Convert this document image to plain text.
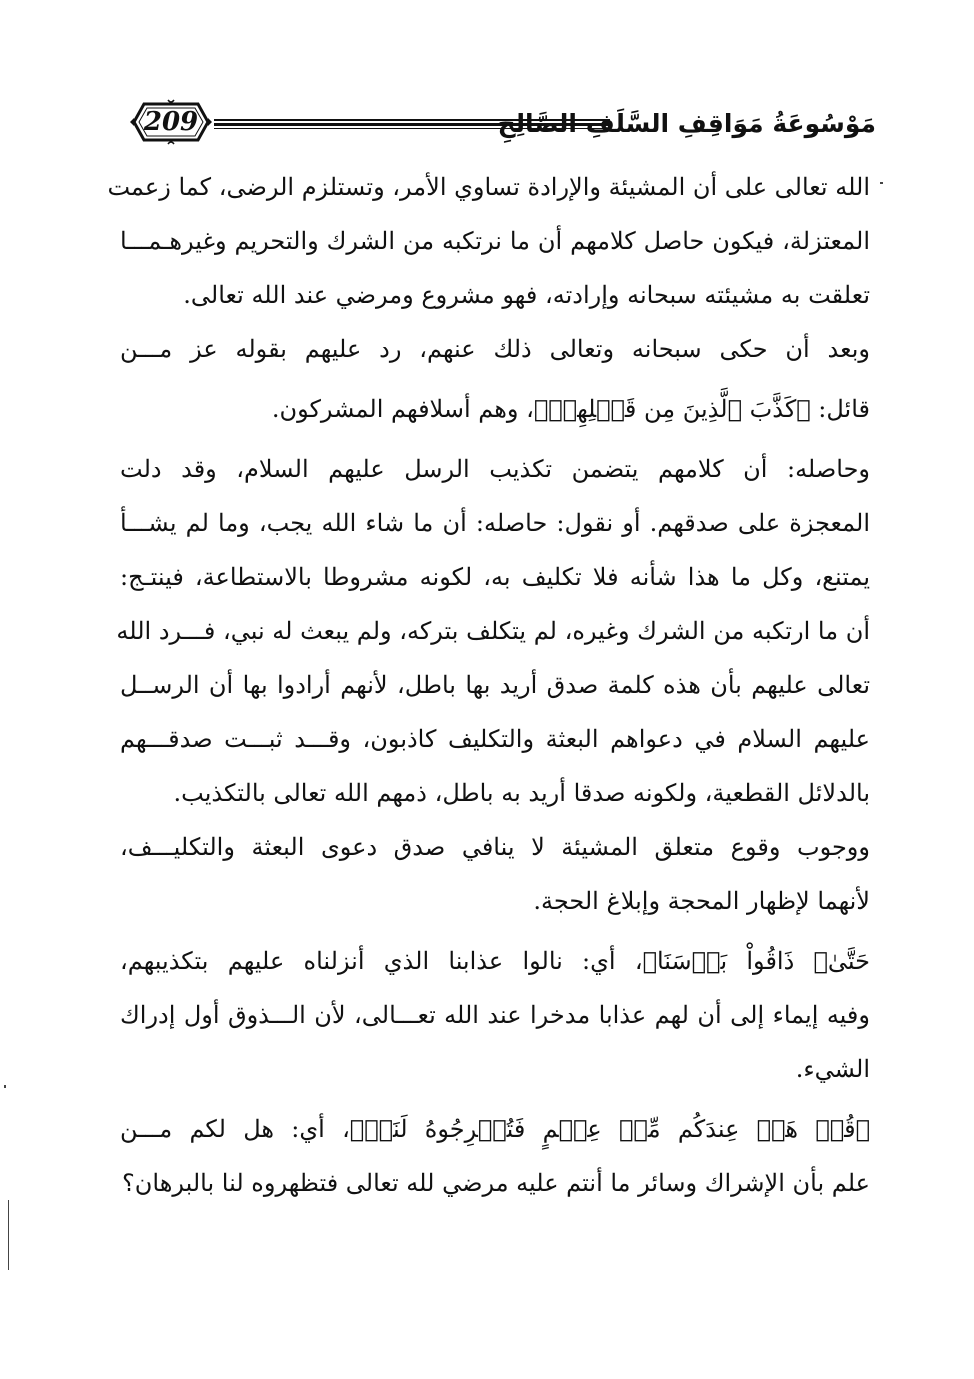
209	مَوْسُوعَةُ مَوَاقِفِ السَّلَفِ الصَّالِحِ
الله تعالى على أن المشيئة والإرادة تساوي الأمر، وتستلزم الرضى، كما زعمت
المعتزلة، فيكون حاصل كلامهم أن ما نرتكبه من الشرك والتحريم وغيرهـمـــا
تعلقت به مشيئته سبحانه وإرادته، فهو مشروع ومرضي عند الله تعالى.
وبعد أن حكى سبحانه وتعالى ذلك عنهم، رد عليهم بقوله عز مـــن
قائل: ﴿كَذَّبَ ٱلَّذِينَ مِن قَبۡلِهِمۡ﴾، وهم أسلافهم المشركون.
وحاصله: أن كلامهم يتضمن تكذيب الرسل عليهم السلام، وقد دلت
المعجزة على صدقهم. أو نقول: حاصله: أن ما شاء الله يجب، وما لم يشـــأ
يمتنع، وكل ما هذا شأنه فلا تكليف به، لكونه مشروطا بالاستطاعة، فينتـج:
أن ما ارتكبه من الشرك وغيره، لم يتكلف بتركه، ولم يبعث له نبي، فـــرد الله
تعالى عليهم بأن هذه كلمة صدق أريد بها باطل، لأنهم أرادوا بها أن الرســل
عليهم السلام في دعواهم البعثة والتكليف كاذبون، وقـــد ثبـــت صدقـــهم
بالدلائل القطعية، ولكونه صدقا أريد به باطل، ذمهم الله تعالى بالتكذيب.
ووجوب وقوع متعلق المشيئة لا ينافي صدق دعوى البعثة والتكليـــف،
لأنهما لإظهار المحجة وإبلاغ الحجة.
حَتَّىٰ﴿ ذَاقُواْ بَأۡسَنَا﴾، أي: نالوا عذابنا الذي أنزلناه عليهم بتكذيبهم،
وفيه إيماء إلى أن لهم عذابا مدخرا عند الله تعـــالى، لأن الـــذوق أول إدراك
الشيء.
﴿قُلۡ هَلۡ عِندَكُم مِّنۡ عِلۡمٍ فَتُخۡرِجُوهُ لَنَآۚ﴾، أي: هل لكم مـــن
علم بأن الإشراك وسائر ما أنتم عليه مرضي لله تعالى فتظهروه لنا بالبرهان؟
